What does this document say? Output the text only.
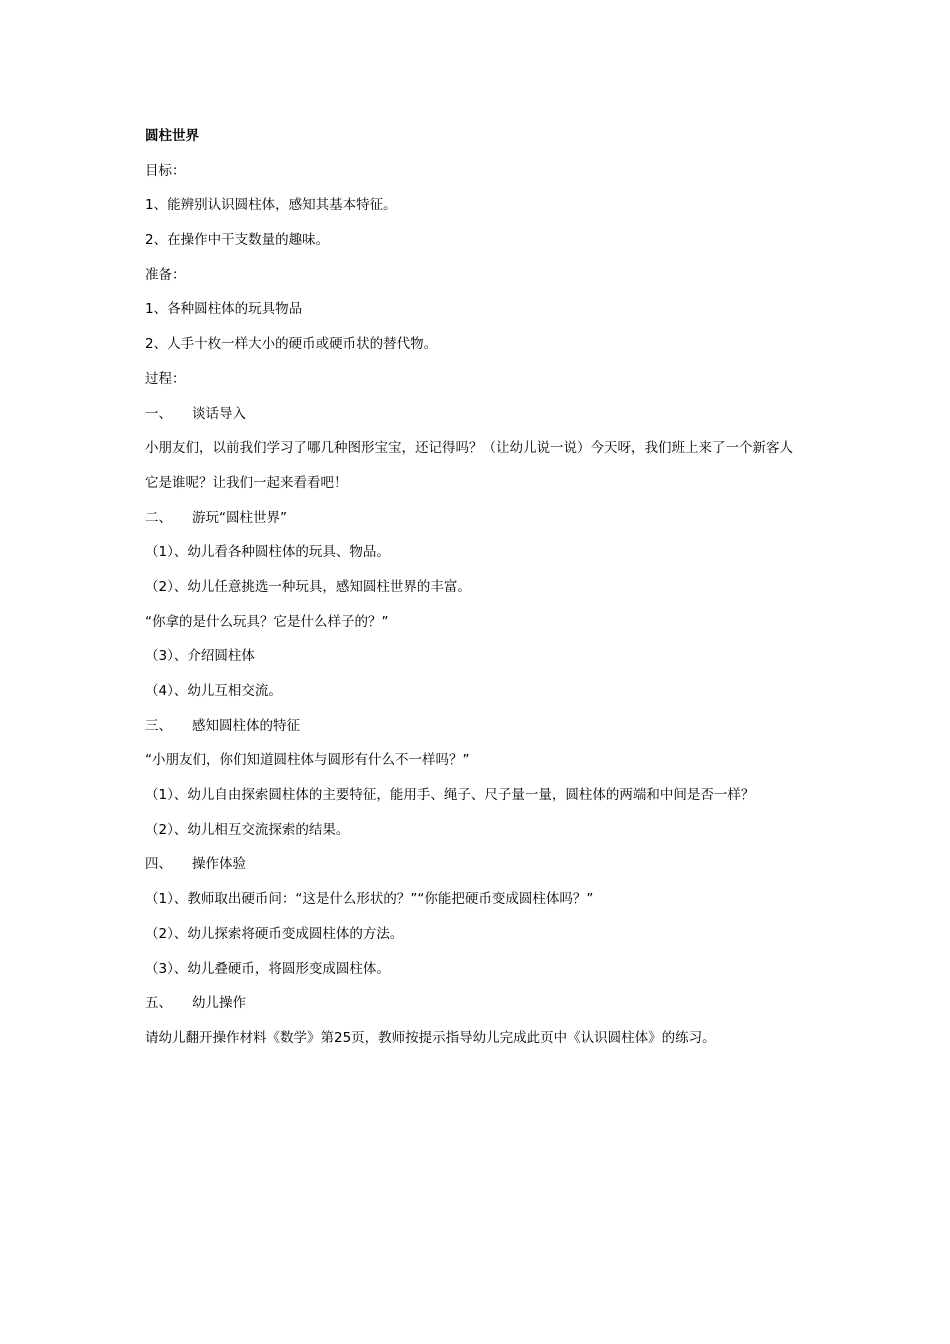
圆柱世界
目标：
1、能辨别认识圆柱体，感知其基本特征。
2、在操作中干支数量的趣味。
准备：
1、各种圆柱体的玩具物品
2、人手十枚一样大小的硬币或硬币状的替代物。
过程：
一、 谈话导入
小朋友们，以前我们学习了哪几种图形宝宝，还记得吗？（让幼儿说一说）今天呀，我们班上来了一个新客人
它是谁呢？让我们一起来看看吧！
二、 游玩“圆柱世界”
（1）、幼儿看各种圆柱体的玩具、物品。
（2）、幼儿任意挑选一种玩具，感知圆柱世界的丰富。
“你拿的是什么玩具？它是什么样子的？”
（3）、介绍圆柱体
（4）、幼儿互相交流。
三、 感知圆柱体的特征
“小朋友们，你们知道圆柱体与圆形有什么不一样吗？”
（1）、幼儿自由探索圆柱体的主要特征，能用手、绳子、尺子量一量，圆柱体的两端和中间是否一样？
（2）、幼儿相互交流探索的结果。
四、 操作体验
（1）、教师取出硬币问：“这是什么形状的？”“你能把硬币变成圆柱体吗？”
（2）、幼儿探索将硬币变成圆柱体的方法。
（3）、幼儿叠硬币，将圆形变成圆柱体。
五、 幼儿操作
请幼儿翻开操作材料《数学》第25页，教师按提示指导幼儿完成此页中《认识圆柱体》的练习。
